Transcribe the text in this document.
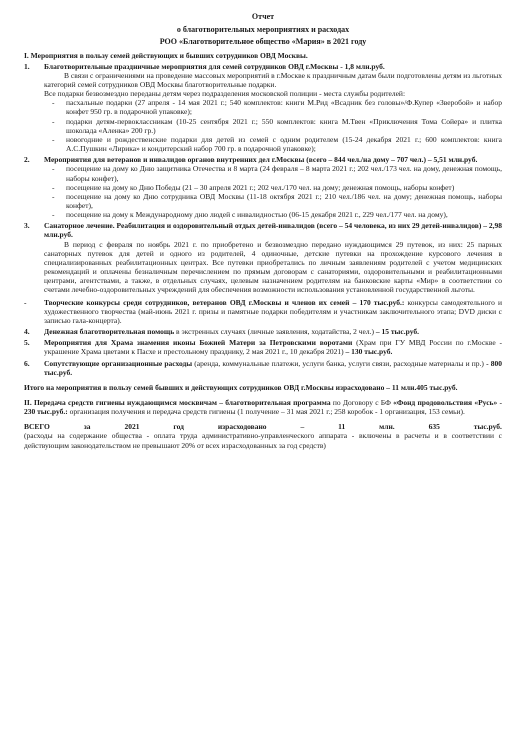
Отчет
о благотворительных мероприятиях и расходах
РОО «Благотворительное общество «Мария» в 2021 году
I. Мероприятия в пользу семей действующих и бывших сотрудников ОВД Москвы.
1.	Благотворительные праздничные мероприятия для семей сотрудников ОВД г.Москвы - 1,8 млн.руб.
В связи с ограничениями на проведение массовых мероприятий в г.Москве к праздничным датам были подготовлены детям из льготных категорий семей сотрудников ОВД Москвы благотворительные подарки.
Все подарки безвозмездно переданы детям через подразделения московской полиции - места службы родителей:
- пасхальные подарки (27 апреля - 14 мая 2021 г.; 540 комплектов: книги М.Рид «Всадник без головы»/Ф.Купер «Зверобой» и набор конфет 950 гр. в подарочной упаковке);
- подарки детям-первоклассникам (10-25 сентября 2021 г.; 550 комплектов: книга М.Твен «Приключения Тома Сойера» и плитка шоколада «Аленка» 200 гр.)
- новогодние и рождественские подарки для детей из семей с одним родителем (15-24 декабря 2021 г.; 600 комплектов: книга А.С.Пушкин «Лирика» и кондитерский набор 700 гр. в подарочной упаковке);
2.	Мероприятия для ветеранов и инвалидов органов внутренних дел г.Москвы (всего – 844 чел./на дому – 707 чел.) – 5,51 млн.руб.
- посещение на дому ко Дню защитника Отечества и 8 марта (24 февраля – 8 марта 2021 г.; 202 чел./173 чел. на дому, денежная помощь, наборы конфет),
- посещение на дому ко Дню Победы (21 – 30 апреля 2021 г.; 202 чел./170 чел. на дому; денежная помощь, наборы конфет)
- посещение на дому ко Дню сотрудника ОВД Москвы (11-18 октября 2021 г.; 210 чел./186 чел. на дому; денежная помощь, наборы конфет),
- посещение на дому к Международному дню людей с инвалидностью (06-15 декабря 2021 г., 229 чел./177 чел. на дому),
3.	Санаторное лечение. Реабилитация и оздоровительный отдых детей-инвалидов (всего – 54 человека, из них 29 детей-инвалидов) – 2,98 млн.руб.
В период с февраля по ноябрь 2021 г. по приобретено и безвозмездно передано нуждающимся 29 путевок, из них: 25 парных санаторных путевок для детей и одного из родителей, 4 одиночные, детские путевки на прохождение курсового лечения в специализированных реабилитационных центрах. Все путевки приобретались по личным заявлениям родителей с учетом медицинских рекомендаций и оплачены безналичным перечислением по прямым договорам с санаториями, оздоровительными и реабилитационными центрами, агентствами, а также, в отдельных случаях, целевым назначением родителям на банковские карты «Мир» в соответствии со счетами лечебно-оздоровительных учреждений для обеспечения возможности использования установленной государственной льготы.
-	Творческие конкурсы среди сотрудников, ветеранов ОВД г.Москвы и членов их семей – 170 тыс.руб.: конкурсы самодеятельного и художественного творчества (май-июнь 2021 г. призы и памятные подарки победителям и участникам заключительного этапа; DVD диски с записью гала-концерта).
4.	Денежная благотворительная помощь в экстренных случаях (личные заявления, ходатайства, 2 чел.) – 15 тыс.руб.
5.	Мероприятия для Храма знамения иконы Божией Матери за Петровскими воротами (Храм при ГУ МВД России по г.Москве - украшение Храма цветами к Пасхе и престольному празднику, 2 мая 2021 г., 10 декабря 2021) – 130 тыс.руб.
6.	Сопутствующие организационные расходы (аренда, коммунальные платежи, услуги банка, услуги связи, расходные материалы и пр.) - 800 тыс.руб.
Итого на мероприятия в пользу семей бывших и действующих сотрудников ОВД г.Москвы израсходовано – 11 млн.405 тыс.руб.
II. Передача средств гигиены нуждающимся москвичам – благотворительная программа по Договору с БФ «Фонд продовольствия «Русь» - 230 тыс.руб.: организация получения и передача средств гигиены (1 получение – 31 мая 2021 г.; 258 коробок - 1 организация, 153 семьи).
ВСЕГО	за	2021	год	израсходовано	–	11	млн.	635	тыс.руб.
(расходы на содержание общества - оплата труда административно-управленческого аппарата - включены в расчеты и в соответствии с действующим законодательством не превышают 20% от всех израсходованных за год средств)
